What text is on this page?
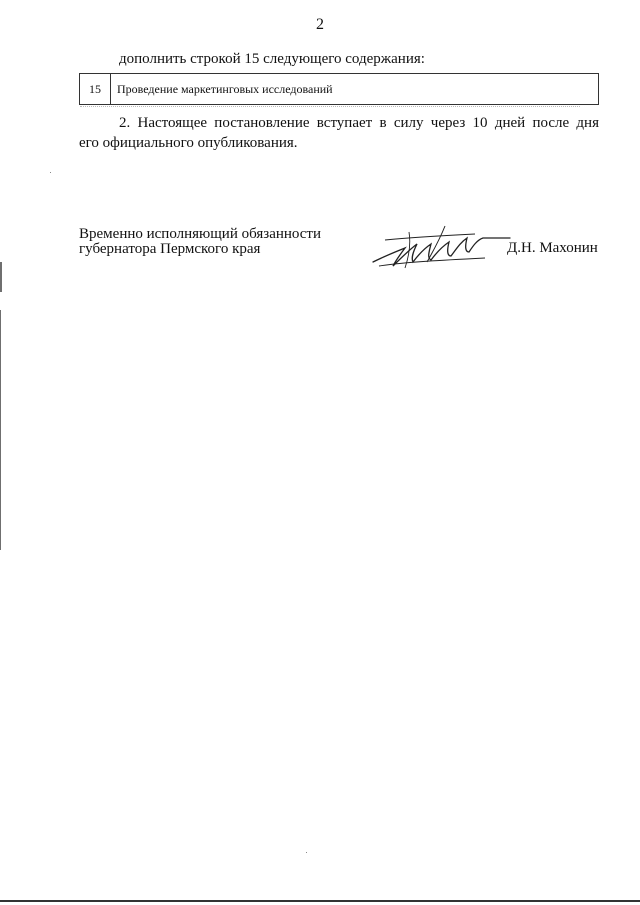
2
дополнить строкой 15 следующего содержания:
15	Проведение маркетинговых исследований
2. Настоящее постановление вступает в силу через 10 дней после дня
его официального опубликования.
Временно исполняющий обязанности
губернатора Пермского края	Д.Н. Махонин
